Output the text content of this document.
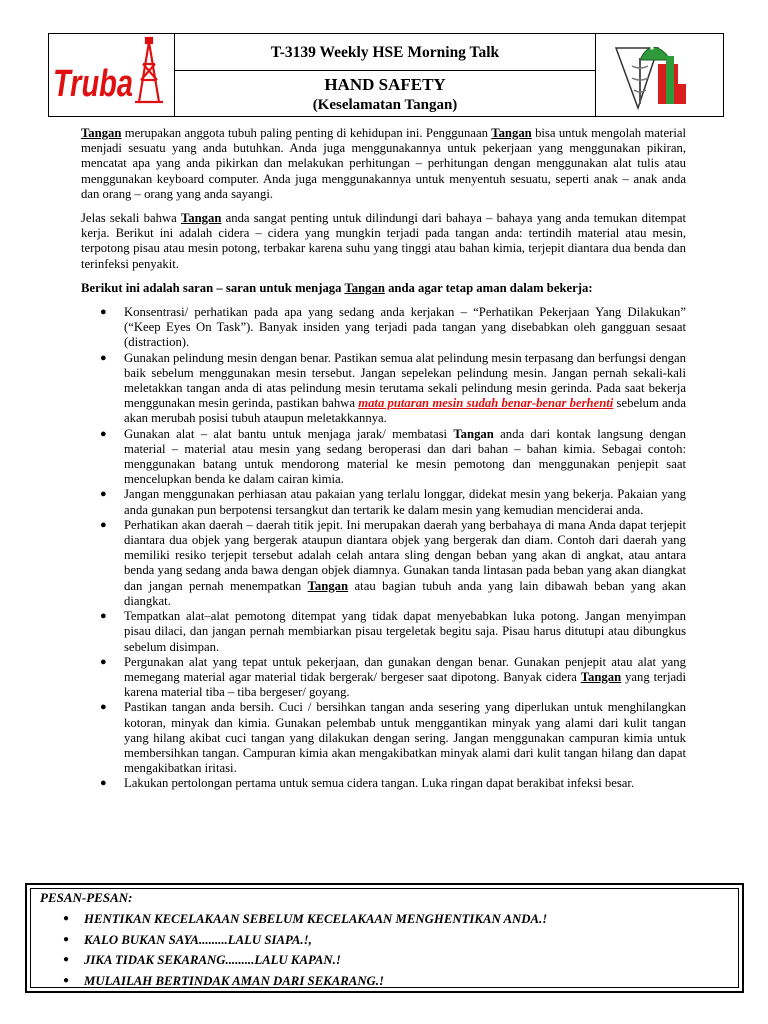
Truba
T-3139 Weekly HSE Morning Talk
HAND SAFETY
(Keselamatan Tangan)

Tangan merupakan anggota tubuh paling penting di kehidupan ini. Penggunaan Tangan bisa untuk mengolah material menjadi sesuatu yang anda butuhkan. Anda juga menggunakannya untuk pekerjaan yang menggunakan pikiran, mencatat apa yang anda pikirkan dan melakukan perhitungan – perhitungan dengan menggunakan alat tulis atau menggunakan keyboard computer. Anda juga menggunakannya untuk menyentuh sesuatu, seperti anak – anak anda dan orang – orang yang anda sayangi.

Jelas sekali bahwa Tangan anda sangat penting untuk dilindungi dari bahaya – bahaya yang anda temukan ditempat kerja. Berikut ini adalah cidera – cidera yang mungkin terjadi pada tangan anda: tertindih material atau mesin, terpotong pisau atau mesin potong, terbakar karena suhu yang tinggi atau bahan kimia, terjepit diantara dua benda dan terinfeksi penyakit.

Berikut ini adalah saran – saran untuk menjaga Tangan anda agar tetap aman dalam bekerja:

● Konsentrasi/ perhatikan pada apa yang sedang anda kerjakan – “Perhatikan Pekerjaan Yang Dilakukan” (“Keep Eyes On Task”). Banyak insiden yang terjadi pada tangan yang disebabkan oleh gangguan sesaat (distraction).
● Gunakan pelindung mesin dengan benar. Pastikan semua alat pelindung mesin terpasang dan berfungsi dengan baik sebelum menggunakan mesin tersebut. Jangan sepelekan pelindung mesin. Jangan pernah sekali-kali meletakkan tangan anda di atas pelindung mesin terutama sekali pelindung mesin gerinda. Pada saat bekerja menggunakan mesin gerinda, pastikan bahwa mata putaran mesin sudah benar-benar berhenti sebelum anda akan merubah posisi tubuh ataupun meletakkannya.
● Gunakan alat – alat bantu untuk menjaga jarak/ membatasi Tangan anda dari kontak langsung dengan material – material atau mesin yang sedang beroperasi dan dari bahan – bahan kimia. Sebagai contoh: menggunakan batang untuk mendorong material ke mesin pemotong dan menggunakan penjepit saat mencelupkan benda ke dalam cairan kimia.
● Jangan menggunakan perhiasan atau pakaian yang terlalu longgar, didekat mesin yang bekerja. Pakaian yang anda gunakan pun berpotensi tersangkut dan tertarik ke dalam mesin yang kemudian menciderai anda.
● Perhatikan akan daerah – daerah titik jepit. Ini merupakan daerah yang berbahaya di mana Anda dapat terjepit diantara dua objek yang bergerak ataupun diantara objek yang bergerak dan diam. Contoh dari daerah yang memiliki resiko terjepit tersebut adalah celah antara sling dengan beban yang akan di angkat, atau antara benda yang sedang anda bawa dengan objek diamnya. Gunakan tanda lintasan pada beban yang akan diangkat dan jangan pernah menempatkan Tangan atau bagian tubuh anda yang lain dibawah beban yang akan diangkat.
● Tempatkan alat–alat pemotong ditempat yang tidak dapat menyebabkan luka potong. Jangan menyimpan pisau dilaci, dan jangan pernah membiarkan pisau tergeletak begitu saja. Pisau harus ditutupi atau dibungkus sebelum disimpan.
● Pergunakan alat yang tepat untuk pekerjaan, dan gunakan dengan benar. Gunakan penjepit atau alat yang memegang material agar material tidak bergerak/ bergeser saat dipotong. Banyak cidera Tangan yang terjadi karena material tiba – tiba bergeser/ goyang.
● Pastikan tangan anda bersih. Cuci / bersihkan tangan anda sesering yang diperlukan untuk menghilangkan kotoran, minyak dan kimia. Gunakan pelembab untuk menggantikan minyak yang alami dari kulit tangan yang hilang akibat cuci tangan yang dilakukan dengan sering. Jangan menggunakan campuran kimia untuk membersihkan tangan. Campuran kimia akan mengakibatkan minyak alami dari kulit tangan hilang dan dapat mengakibatkan iritasi.
● Lakukan pertolongan pertama untuk semua cidera tangan. Luka ringan dapat berakibat infeksi besar.
PESAN-PESAN:
● HENTIKAN KECELAKAAN SEBELUM KECELAKAAN MENGHENTIKAN ANDA.!
● KALO BUKAN SAYA.........LALU SIAPA.!,
● JIKA TIDAK SEKARANG.........LALU KAPAN.!
● MULAILAH BERTINDAK AMAN DARI SEKARANG.!
